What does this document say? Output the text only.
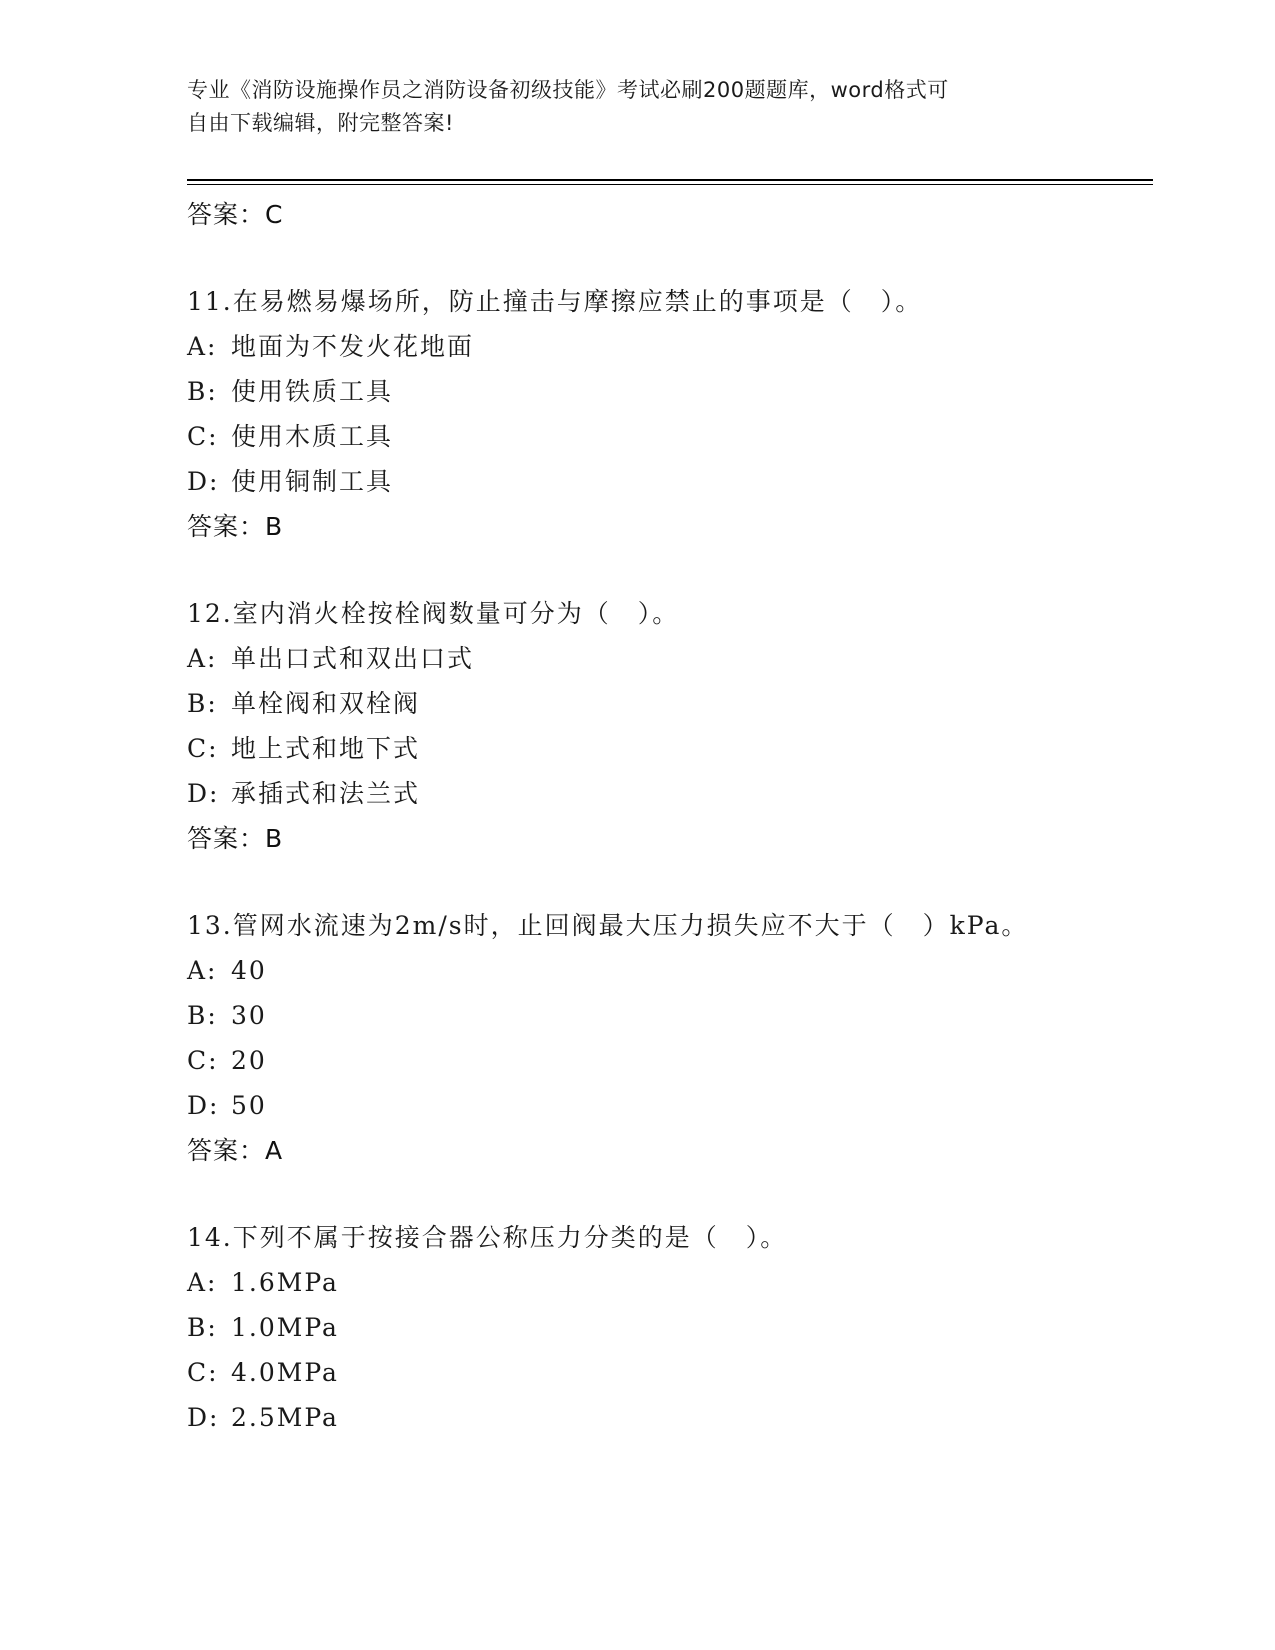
专业《消防设施操作员之消防设备初级技能》考试必刷200题题库，word格式可
自由下载编辑，附完整答案!
答案：C
11.在易燃易爆场所，防止撞击与摩擦应禁止的事项是（　）。
A: 地面为不发火花地面
B: 使用铁质工具
C: 使用木质工具
D: 使用铜制工具
答案：B
12.室内消火栓按栓阀数量可分为（　）。
A: 单出口式和双出口式
B: 单栓阀和双栓阀
C: 地上式和地下式
D: 承插式和法兰式
答案：B
13.管网水流速为2m/s时，止回阀最大压力损失应不大于（　）kPa。
A: 40
B: 30
C: 20
D: 50
答案：A
14.下列不属于按接合器公称压力分类的是（　）。
A: 1.6MPa
B: 1.0MPa
C: 4.0MPa
D: 2.5MPa
